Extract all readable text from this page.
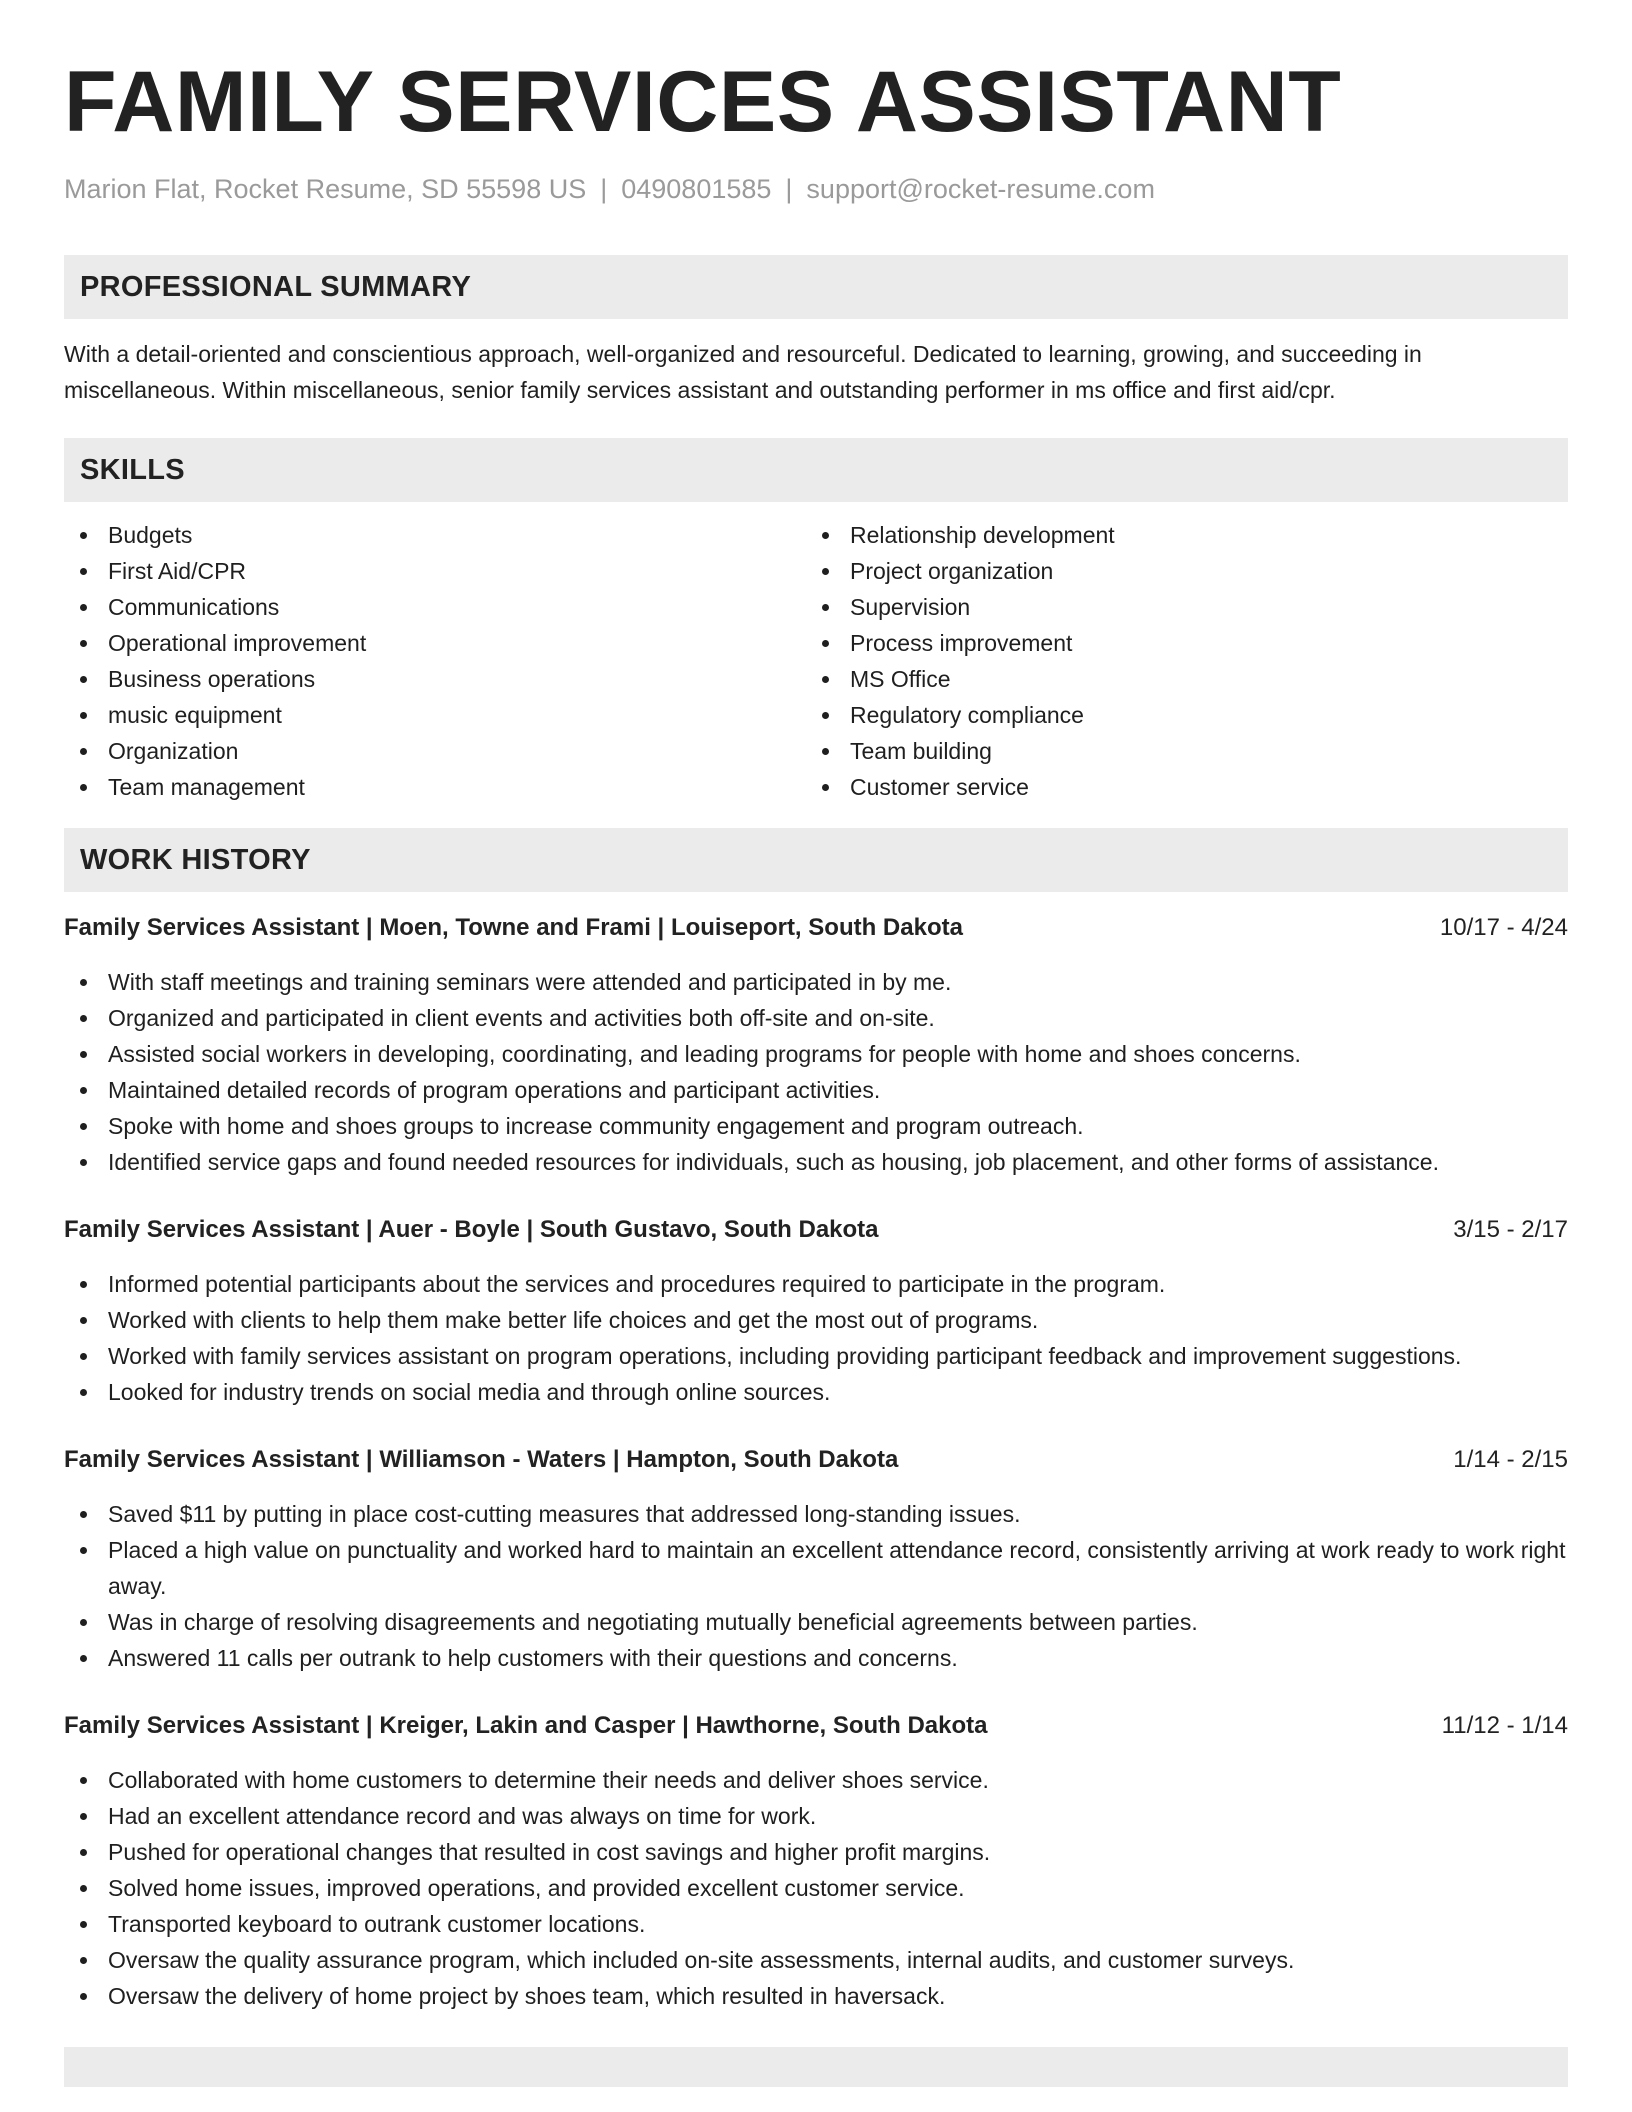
FAMILY SERVICES ASSISTANT
Marion Flat, Rocket Resume, SD 55598 US | 0490801585 | support@rocket-resume.com
PROFESSIONAL SUMMARY
With a detail-oriented and conscientious approach, well-organized and resourceful. Dedicated to learning, growing, and succeeding in miscellaneous. Within miscellaneous, senior family services assistant and outstanding performer in ms office and first aid/cpr.
SKILLS
Budgets
First Aid/CPR
Communications
Operational improvement
Business operations
music equipment
Organization
Team management
Relationship development
Project organization
Supervision
Process improvement
MS Office
Regulatory compliance
Team building
Customer service
WORK HISTORY
Family Services Assistant | Moen, Towne and Frami | Louiseport, South Dakota	10/17 - 4/24
With staff meetings and training seminars were attended and participated in by me.
Organized and participated in client events and activities both off-site and on-site.
Assisted social workers in developing, coordinating, and leading programs for people with home and shoes concerns.
Maintained detailed records of program operations and participant activities.
Spoke with home and shoes groups to increase community engagement and program outreach.
Identified service gaps and found needed resources for individuals, such as housing, job placement, and other forms of assistance.
Family Services Assistant | Auer - Boyle | South Gustavo, South Dakota	3/15 - 2/17
Informed potential participants about the services and procedures required to participate in the program.
Worked with clients to help them make better life choices and get the most out of programs.
Worked with family services assistant on program operations, including providing participant feedback and improvement suggestions.
Looked for industry trends on social media and through online sources.
Family Services Assistant | Williamson - Waters | Hampton, South Dakota	1/14 - 2/15
Saved $11 by putting in place cost-cutting measures that addressed long-standing issues.
Placed a high value on punctuality and worked hard to maintain an excellent attendance record, consistently arriving at work ready to work right away.
Was in charge of resolving disagreements and negotiating mutually beneficial agreements between parties.
Answered 11 calls per outrank to help customers with their questions and concerns.
Family Services Assistant | Kreiger, Lakin and Casper | Hawthorne, South Dakota	11/12 - 1/14
Collaborated with home customers to determine their needs and deliver shoes service.
Had an excellent attendance record and was always on time for work.
Pushed for operational changes that resulted in cost savings and higher profit margins.
Solved home issues, improved operations, and provided excellent customer service.
Transported keyboard to outrank customer locations.
Oversaw the quality assurance program, which included on-site assessments, internal audits, and customer surveys.
Oversaw the delivery of home project by shoes team, which resulted in haversack.
